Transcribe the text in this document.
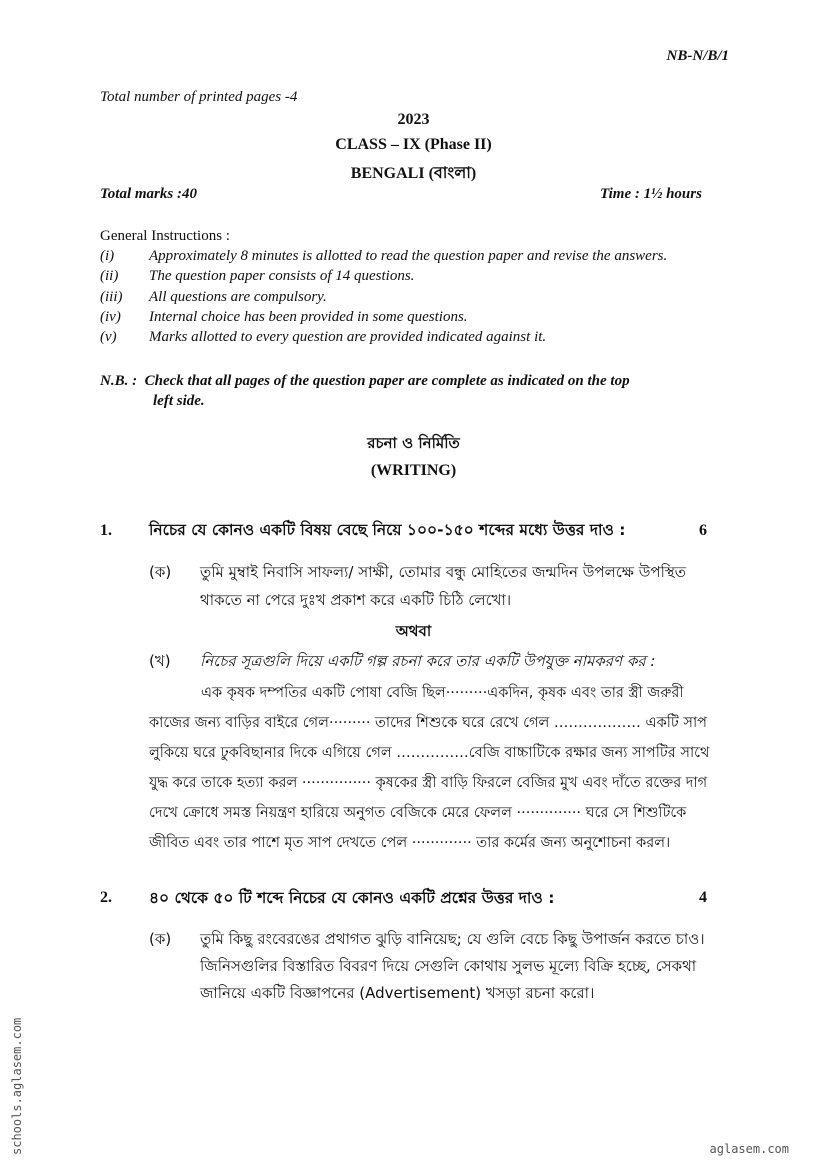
NB-N/B/1
Total number of printed pages -4
2023
CLASS – IX (Phase II)
BENGALI (বাংলা)
Total marks :40	Time : 1½ hours
General Instructions :
(i) Approximately 8 minutes is allotted to read the question paper and revise the answers.
(ii) The question paper consists of 14 questions.
(iii) All questions are compulsory.
(iv) Internal choice has been provided in some questions.
(v) Marks allotted to every question are provided indicated against it.
N.B. : Check that all pages of the question paper are complete as indicated on the top
left side.
রচনা ও নির্মিতি
(WRITING)
1. নিচের যে কোনও একটি বিষয় বেছে নিয়ে ১০০-১৫০ শব্দের মধ্যে উত্তর দাও :	6
(ক) তুমি মুম্বাই নিবাসি সাফল্য/ সাক্ষী, তোমার বন্ধু মোহিতের জন্মদিন উপলক্ষে উপস্থিত
থাকতে না পেরে দুঃখ প্রকাশ করে একটি চিঠি লেখো।
অথবা
(খ) নিচের সূত্রগুলি দিয়ে একটি গল্প রচনা করে তার একটি উপযুক্ত নামকরণ কর :
এক কৃষক দম্পতির একটি পোষা বেজি ছিল·········একদিন, কৃষক এবং তার স্ত্রী জরুরী কাজের জন্য বাড়ির বাইরে গেল········· তাদের শিশুকে ঘরে রেখে গেল ……………… একটি সাপ লুকিয়ে ঘরে ঢুকবিছানার দিকে এগিয়ে গেল ……………বেজি বাচ্চাটিকে রক্ষার জন্য সাপটির সাথে যুদ্ধ করে তাকে হত্যা করল ··············· কৃষকের স্ত্রী বাড়ি ফিরলে বেজির মুখ এবং দাঁতে রক্তের দাগ দেখে ক্রোধে সমস্ত নিয়ন্ত্রণ হারিয়ে অনুগত বেজিকে মেরে ফেলল ·············· ঘরে সে শিশুটিকে জীবিত এবং তার পাশে মৃত সাপ দেখতে পেল ············· তার কর্মের জন্য অনুশোচনা করল।
2. ৪০ থেকে ৫০ টি শব্দে নিচের যে কোনও একটি প্রশ্নের উত্তর দাও :	4
(ক) তুমি কিছু রংবেরঙের প্রথাগত ঝুড়ি বানিয়েছ; যে গুলি বেচে কিছু উপার্জন করতে চাও।
জিনিসগুলির বিস্তারিত বিবরণ দিয়ে সেগুলি কোথায় সুলভ মূল্যে বিক্রি হচ্ছে, সেকথা
জানিয়ে একটি বিজ্ঞাপনের (Advertisement) খসড়া রচনা করো।
schools.aglasem.com	aglasem.com
